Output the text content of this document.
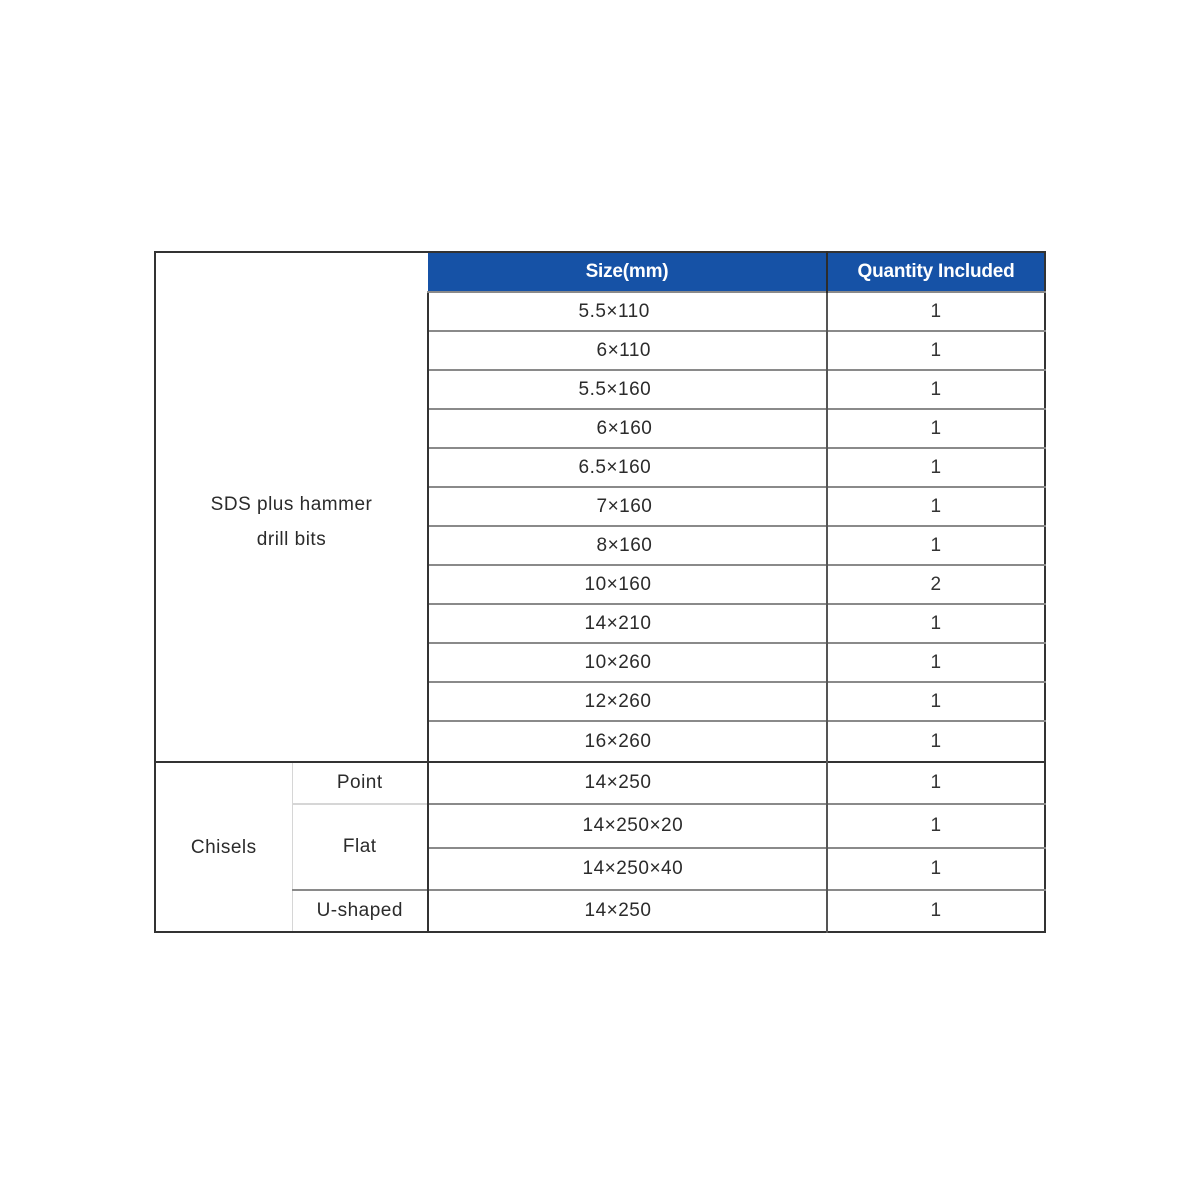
SDS plus hammer
drill bits		Size(mm)	Quantity Included
		5.5×110	1
		6×110	1
		5.5×160	1
		6×160	1
		6.5×160	1
		7×160	1
		8×160	1
		10×160	2
		14×210	1
		10×260	1
		12×260	1
		16×260	1
Chisels	Point	14×250	1
	Flat	14×250×20	1
		14×250×40	1
	U-shaped	14×250	1
